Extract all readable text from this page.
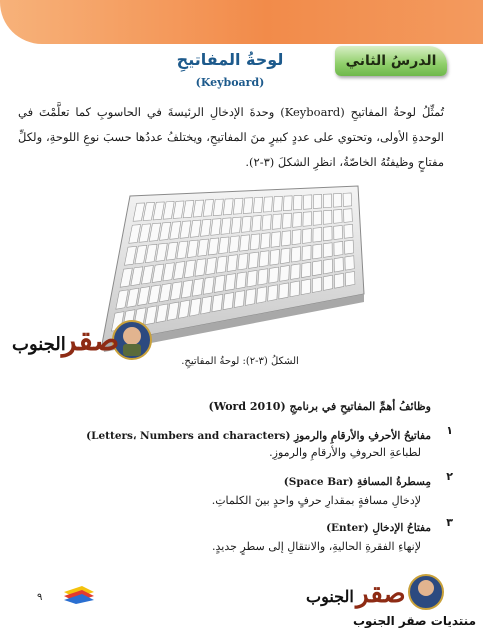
الدرسُ الثاني
لوحةُ المفاتيحِ
(Keyboard)
تُمثِّلُ لوحةُ المفاتيحِ (Keyboard) وحدةَ الإدخالِ الرئيسةَ في الحاسوبِ كما تعلَّمْتَ في الوحدةِ الأولى، وتحتوي على عددٍ كبيرٍ منَ المفاتيحِ، ويختلفُ عددُها حسبَ نوعِ اللوحةِ، ولكلِّ مفتاحٍ وظيفتُهُ الخاصّةُ، انظرِ الشكلَ (٣-٢).
صقر
الجنوب
الشكلُ (٣-٢): لوحةُ المفاتيحِ.
وظائفُ أهمِّ المفاتيحِ في برنامجِ (Word 2010)
١
مفاتيحُ الأحرفِ والأرقامِ والرموزِ (Letters، Numbers and characters)
لطباعةِ الحروفِ والأرقامِ والرموزِ.
٢
مِسطرةُ المسافةِ (Space Bar)
لإدخالِ مسافةٍ بمقدارِ حرفٍ واحدٍ بينَ الكلماتِ.
٣
مفتاحُ الإدخالِ (Enter)
لإنهاءِ الفقرةِ الحاليةِ، والانتقالِ إلى سطرٍ جديدٍ.
٩	صقر
الجنوب
منتديات صقر الجنوب
